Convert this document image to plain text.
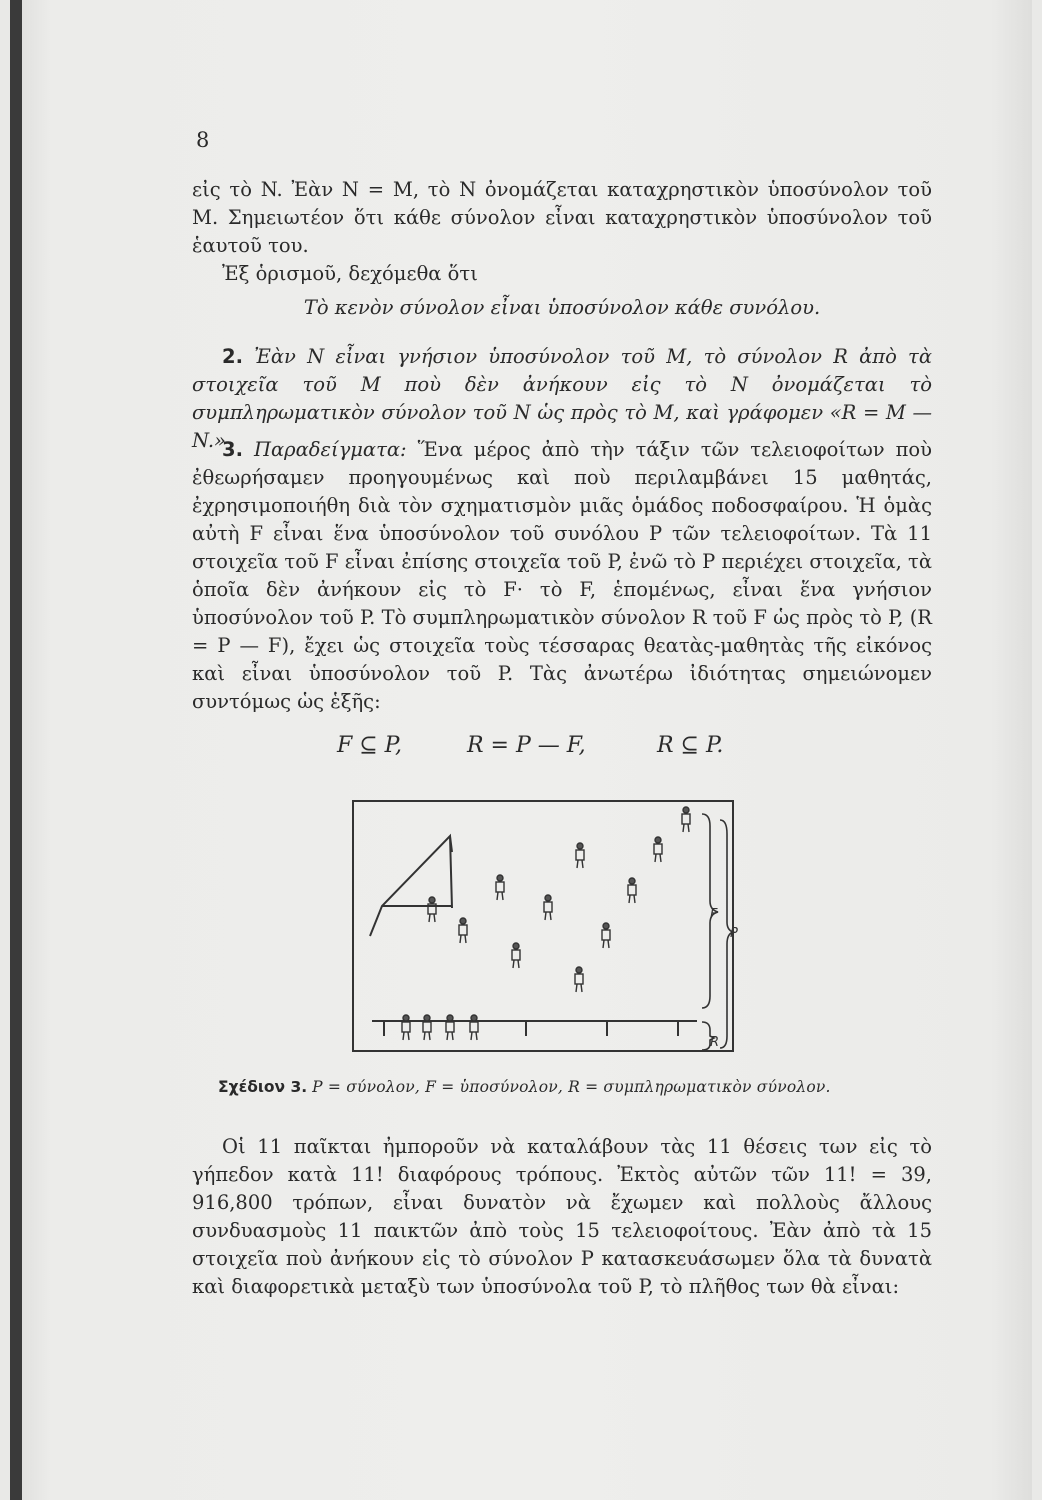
8

εἰς τὸ N. Ἐὰν N = M, τὸ N ὀνομάζεται καταχρηστικὸν ὑποσύνολον τοῦ M. Σημειωτέον ὅτι κάθε σύνολον εἶναι καταχρηστικὸν ὑποσύνολον τοῦ ἑαυτοῦ του.

Ἐξ ὁρισμοῦ, δεχόμεθα ὅτι

Τὸ κενὸν σύνολον εἶναι ὑποσύνολον κάθε συνόλου.

2. Ἐὰν N εἶναι γνήσιον ὑποσύνολον τοῦ M, τὸ σύνολον R ἀπὸ τὰ στοιχεῖα τοῦ M ποὺ δὲν ἀνήκουν εἰς τὸ N ὀνομάζεται τὸ συμπληρωματικὸν σύνολον τοῦ N ὡς πρὸς τὸ M, καὶ γράφομεν «R = M — N.»

3. Παραδείγματα: Ἕνα μέρος ἀπὸ τὴν τάξιν τῶν τελειοφοίτων ποὺ ἐθεωρήσαμεν προηγουμένως καὶ ποὺ περιλαμβάνει 15 μαθητάς, ἐχρησιμοποιήθη διὰ τὸν σχηματισμὸν μιᾶς ὁμάδος ποδοσφαίρου. Ἡ ὁμὰς αὐτὴ F εἶναι ἕνα ὑποσύνολον τοῦ συνόλου P τῶν τελειοφοίτων. Τὰ 11 στοιχεῖα τοῦ F εἶναι ἐπίσης στοιχεῖα τοῦ P, ἐνῶ τὸ P περιέχει στοιχεῖα, τὰ ὁποῖα δὲν ἀνήκουν εἰς τὸ F· τὸ F, ἑπομένως, εἶναι ἕνα γνήσιον ὑποσύνολον τοῦ P. Τὸ συμπληρωματικὸν σύνολον R τοῦ F ὡς πρὸς τὸ P, (R = P — F), ἔχει ὡς στοιχεῖα τοὺς τέσσαρας θεατὰς-μαθητὰς τῆς εἰκόνος καὶ εἶναι ὑποσύνολον τοῦ P. Τὰς ἀνωτέρω ἰδιότητας σημειώνομεν συντόμως ὡς ἑξῆς:

F ⊆ P,	R = P — F,	R ⊆ P.
F
P
R
Σχέδιον 3. P = σύνολον, F = ὑποσύνολον, R = συμπληρωματικὸν σύνολον.

Οἱ 11 παῖκται ἠμποροῦν νὰ καταλάβουν τὰς 11 θέσεις των εἰς τὸ γήπεδον κατὰ 11! διαφόρους τρόπους. Ἐκτὸς αὐτῶν τῶν 11! = 39, 916,800 τρόπων, εἶναι δυνατὸν νὰ ἔχωμεν καὶ πολλοὺς ἄλλους συνδυασμοὺς 11 παικτῶν ἀπὸ τοὺς 15 τελειοφοίτους. Ἐὰν ἀπὸ τὰ 15 στοιχεῖα ποὺ ἀνήκουν εἰς τὸ σύνολον P κατασκευάσωμεν ὅλα τὰ δυνατὰ καὶ διαφορετικὰ μεταξὺ των ὑποσύνολα τοῦ P, τὸ πλῆθος των θὰ εἶναι:
